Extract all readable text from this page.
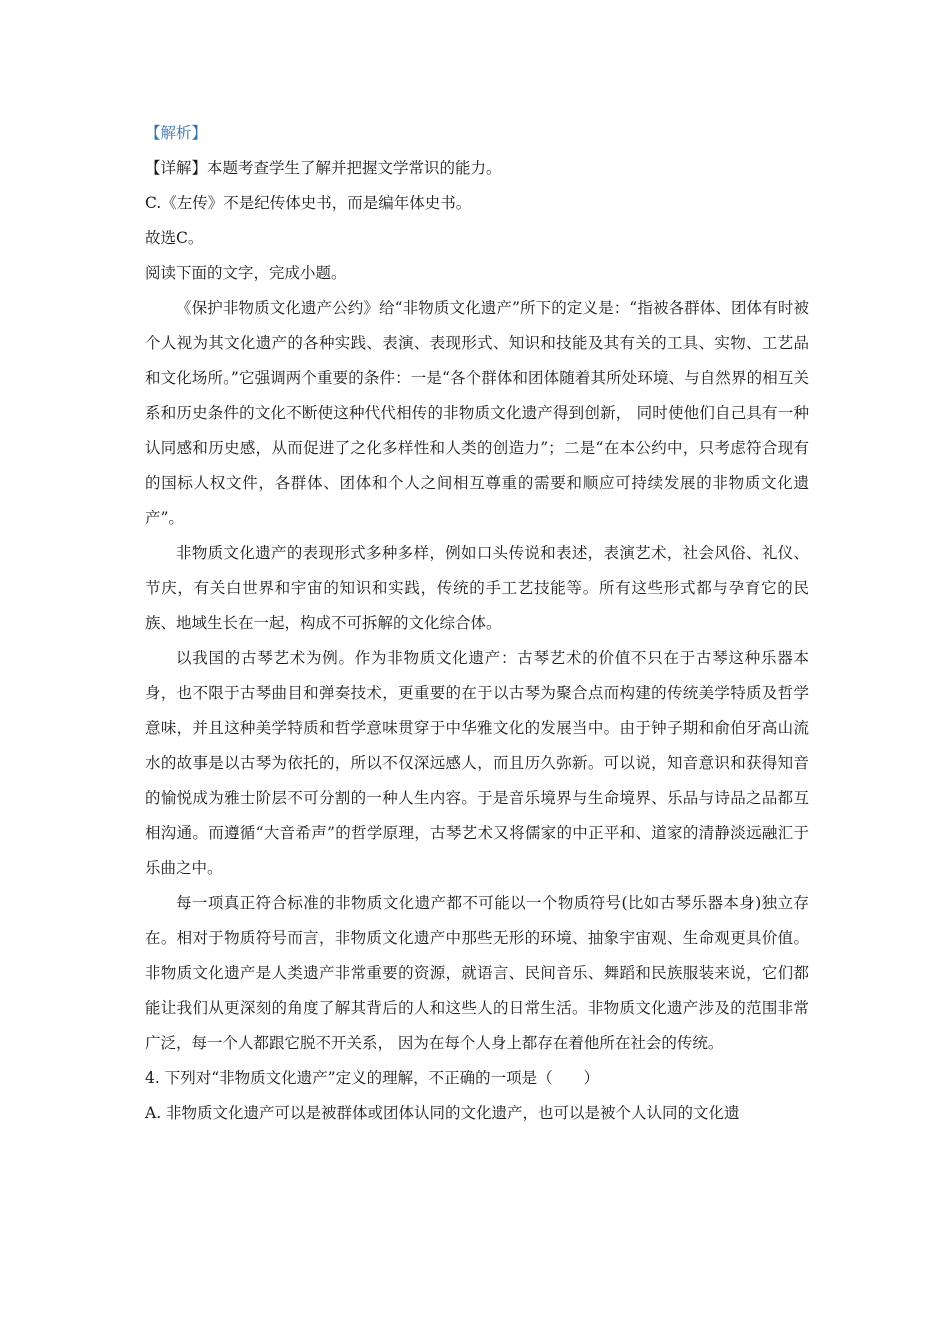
【解析】
【详解】本题考查学生了解并把握文学常识的能力。
C.《左传》不是纪传体史书，而是编年体史书。
故选C。
阅读下面的文字，完成小题。

《保护非物质文化遗产公约》给“非物质文化遗产”所下的定义是：“指被各群体、团体有时被个人视为其文化遗产的各种实践、表演、表现形式、知识和技能及其有关的工具、实物、工艺品和文化场所。”它强调两个重要的条件：一是“各个群体和团体随着其所处环境、与自然界的相互关系和历史条件的文化不断使这种代代相传的非物质文化遗产得到创新， 同时使他们自己具有一种认同感和历史感，从而促进了之化多样性和人类的创造力”；二是“在本公约中，只考虑符合现有的国标人权文件，各群体、团体和个人之间相互尊重的需要和顺应可持续发展的非物质文化遗产”。

非物质文化遗产的表现形式多种多样，例如口头传说和表述，表演艺术，社会风俗、礼仪、节庆，有关白世界和宇宙的知识和实践，传统的手工艺技能等。所有这些形式都与孕育它的民族、地域生长在一起，构成不可拆解的文化综合体。

以我国的古琴艺术为例。作为非物质文化遗产：古琴艺术的价值不只在于古琴这种乐器本身，也不限于古琴曲目和弹奏技术，更重要的在于以古琴为聚合点而构建的传统美学特质及哲学意味，并且这种美学特质和哲学意味贯穿于中华雅文化的发展当中。由于钟子期和俞伯牙高山流水的故事是以古琴为依托的，所以不仅深远感人，而且历久弥新。可以说，知音意识和获得知音的愉悦成为雅士阶层不可分割的一种人生内容。于是音乐境界与生命境界、乐品与诗品之品都互相沟通。而遵循“大音希声”的哲学原理，古琴艺术又将儒家的中正平和、道家的清静淡远融汇于乐曲之中。

每一项真正符合标准的非物质文化遗产都不可能以一个物质符号(比如古琴乐器本身)独立存在。相对于物质符号而言，非物质文化遗产中那些无形的环境、抽象宇宙观、生命观更具价值。非物质文化遗产是人类遗产非常重要的资源，就语言、民间音乐、舞蹈和民族服装来说，它们都能让我们从更深刻的角度了解其背后的人和这些人的日常生活。非物质文化遗产涉及的范围非常广泛，每一个人都跟它脱不开关系， 因为在每个人身上都存在着他所在社会的传统。

4. 下列对“非物质文化遗产”定义的理解，不正确的一项是（　　）
A. 非物质文化遗产可以是被群体或团体认同的文化遗产，也可以是被个人认同的文化遗
